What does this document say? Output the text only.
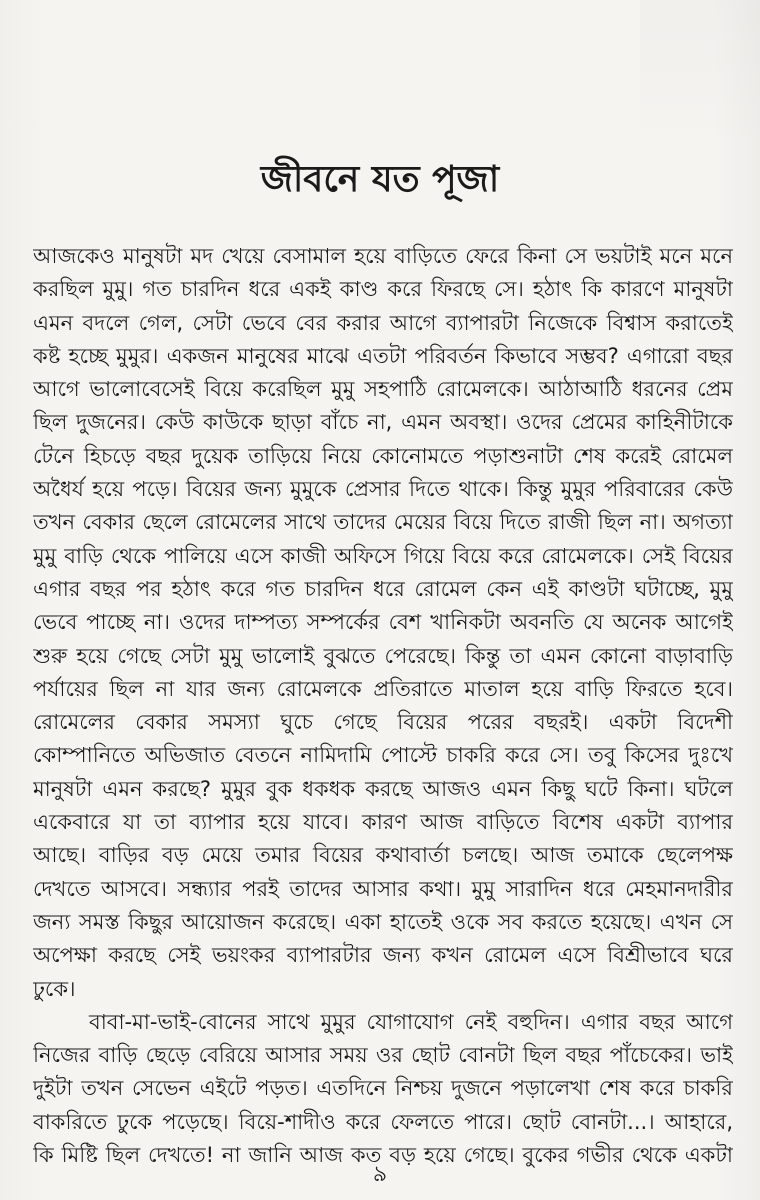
জীবনে যত পূজা
আজকেও মানুষটা মদ খেয়ে বেসামাল হয়ে বাড়িতে ফেরে কিনা সে ভয়টাই মনে মনে
করছিল মুমু। গত চারদিন ধরে একই কাণ্ড করে ফিরছে সে। হঠাৎ কি কারণে মানুষটা
এমন বদলে গেল, সেটা ভেবে বের করার আগে ব্যাপারটা নিজেকে বিশ্বাস করাতেই
কষ্ট হচ্ছে মুমুর। একজন মানুষের মাঝে এতটা পরিবর্তন কিভাবে সম্ভব? এগারো বছর
আগে ভালোবেসেই বিয়ে করেছিল মুমু সহপাঠি রোমেলকে। আঠাআঠি ধরনের প্রেম
ছিল দুজনের। কেউ কাউকে ছাড়া বাঁচে না, এমন অবস্থা। ওদের প্রেমের কাহিনীটাকে
টেনে হিচড়ে বছর দুয়েক তাড়িয়ে নিয়ে কোনোমতে পড়াশুনাটা শেষ করেই রোমেল
অধৈর্য হয়ে পড়ে। বিয়ের জন্য মুমুকে প্রেসার দিতে থাকে। কিন্তু মুমুর পরিবারের কেউ
তখন বেকার ছেলে রোমেলের সাথে তাদের মেয়ের বিয়ে দিতে রাজী ছিল না। অগত্যা
মুমু বাড়ি থেকে পালিয়ে এসে কাজী অফিসে গিয়ে বিয়ে করে রোমেলকে। সেই বিয়ের
এগার বছর পর হঠাৎ করে গত চারদিন ধরে রোমেল কেন এই কাণ্ডটা ঘটাচ্ছে, মুমু
ভেবে পাচ্ছে না। ওদের দাম্পত্য সম্পর্কের বেশ খানিকটা অবনতি যে অনেক আগেই
শুরু হয়ে গেছে সেটা মুমু ভালোই বুঝতে পেরেছে। কিন্তু তা এমন কোনো বাড়াবাড়ি
পর্যায়ের ছিল না যার জন্য রোমেলকে প্রতিরাতে মাতাল হয়ে বাড়ি ফিরতে হবে।
রোমেলের বেকার সমস্যা ঘুচে গেছে বিয়ের পরের বছরই। একটা বিদেশী
কোম্পানিতে অভিজাত বেতনে নামিদামি পোস্টে চাকরি করে সে। তবু কিসের দুঃখে
মানুষটা এমন করছে? মুমুর বুক ধকধক করছে আজও এমন কিছু ঘটে কিনা। ঘটলে
একেবারে যা তা ব্যাপার হয়ে যাবে। কারণ আজ বাড়িতে বিশেষ একটা ব্যাপার
আছে। বাড়ির বড় মেয়ে তমার বিয়ের কথাবার্তা চলছে। আজ তমাকে ছেলেপক্ষ
দেখতে আসবে। সন্ধ্যার পরই তাদের আসার কথা। মুমু সারাদিন ধরে মেহমানদারীর
জন্য সমস্ত কিছুর আয়োজন করেছে। একা হাতেই ওকে সব করতে হয়েছে। এখন সে
অপেক্ষা করছে সেই ভয়ংকর ব্যাপারটার জন্য কখন রোমেল এসে বিশ্রীভাবে ঘরে
ঢুকে।
বাবা-মা-ভাই-বোনের সাথে মুমুর যোগাযোগ নেই বহুদিন। এগার বছর আগে
নিজের বাড়ি ছেড়ে বেরিয়ে আসার সময় ওর ছোট বোনটা ছিল বছর পাঁচেকের। ভাই
দুইটা তখন সেভেন এইটে পড়ত। এতদিনে নিশ্চয় দুজনে পড়ালেখা শেষ করে চাকরি
বাকরিতে ঢুকে পড়েছে। বিয়ে-শাদীও করে ফেলতে পারে। ছোট বোনটা...। আহারে,
কি মিষ্টি ছিল দেখতে! না জানি আজ কত বড় হয়ে গেছে। বুকের গভীর থেকে একটা
৯
